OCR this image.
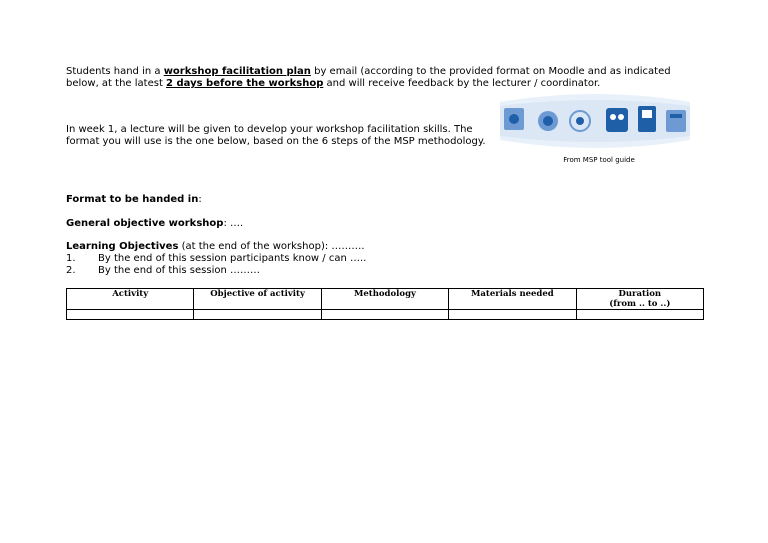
Students hand in a workshop facilitation plan by email (according to the provided format on Moodle and as indicated below, at the latest 2 days before the workshop and will receive feedback by the lecturer / coordinator.
In week 1, a lecture will be given to develop your workshop facilitation skills. The format you will use is the one below, based on the 6 steps of the MSP methodology.
From MSP tool guide
Format to be handed in:
General objective workshop: ….
Learning Objectives (at the end of the workshop): ……….
1.	By the end of this session participants know / can …..
2.	By the end of this session ………
Activity	Objective of activity	Methodology	Materials needed	Duration
(from .. to ..)
